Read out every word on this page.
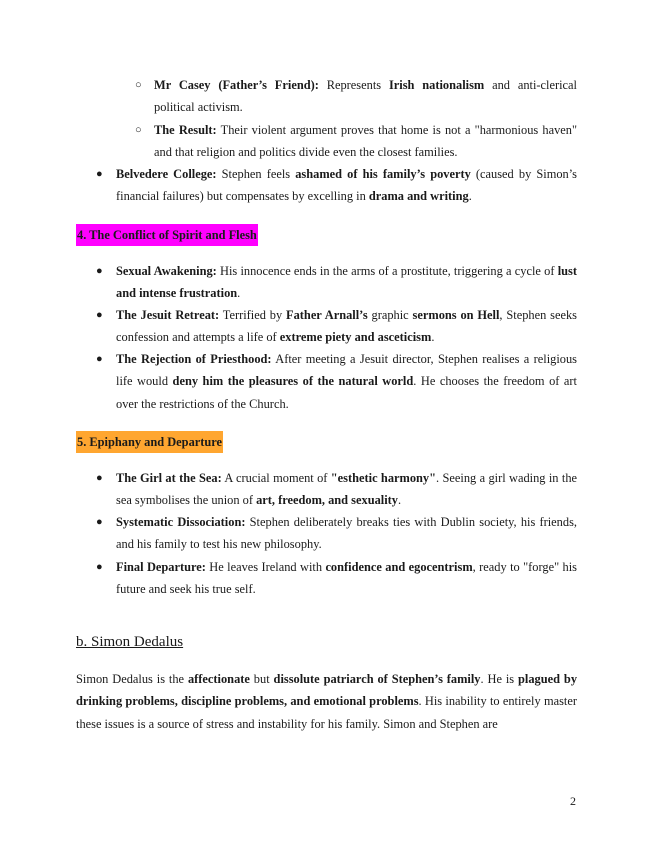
○ Mr Casey (Father’s Friend): Represents Irish nationalism and anti-clerical political activism.
○ The Result: Their violent argument proves that home is not a "harmonious haven" and that religion and politics divide even the closest families.
● Belvedere College: Stephen feels ashamed of his family’s poverty (caused by Simon’s financial failures) but compensates by excelling in drama and writing.
4. The Conflict of Spirit and Flesh
● Sexual Awakening: His innocence ends in the arms of a prostitute, triggering a cycle of lust and intense frustration.
● The Jesuit Retreat: Terrified by Father Arnall’s graphic sermons on Hell, Stephen seeks confession and attempts a life of extreme piety and asceticism.
● The Rejection of Priesthood: After meeting a Jesuit director, Stephen realises a religious life would deny him the pleasures of the natural world. He chooses the freedom of art over the restrictions of the Church.
5. Epiphany and Departure
● The Girl at the Sea: A crucial moment of "esthetic harmony". Seeing a girl wading in the sea symbolises the union of art, freedom, and sexuality.
● Systematic Dissociation: Stephen deliberately breaks ties with Dublin society, his friends, and his family to test his new philosophy.
● Final Departure: He leaves Ireland with confidence and egocentrism, ready to "forge" his future and seek his true self.
b. Simon Dedalus
Simon Dedalus is the affectionate but dissolute patriarch of Stephen’s family. He is plagued by drinking problems, discipline problems, and emotional problems. His inability to entirely master these issues is a source of stress and instability for his family. Simon and Stephen are
2
